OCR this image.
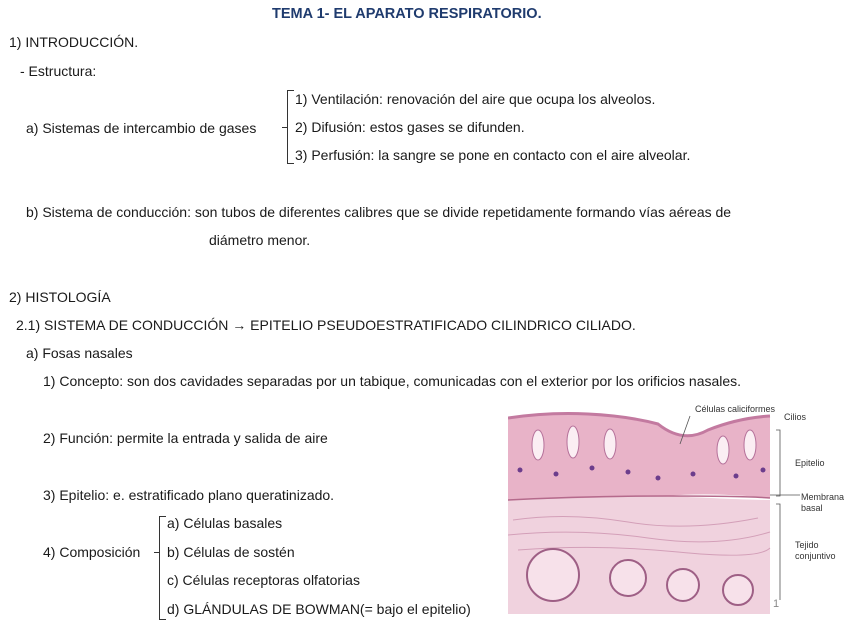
TEMA 1- EL APARATO RESPIRATORIO.
1) INTRODUCCIÓN.
- Estructura:
a) Sistemas de intercambio de gases
1) Ventilación: renovación del aire que ocupa los alveolos.
2) Difusión: estos gases se difunden.
3) Perfusión: la sangre se pone en contacto con el aire alveolar.
b) Sistema de conducción: son tubos de diferentes calibres que se divide repetidamente formando vías aéreas de
diámetro menor.
2) HISTOLOGÍA
2.1) SISTEMA DE CONDUCCIÓN → EPITELIO PSEUDOESTRATIFICADO CILINDRICO CILIADO.
a) Fosas nasales
1) Concepto: son dos cavidades separadas por un tabique, comunicadas con el exterior por los orificios nasales.
2) Función: permite la entrada y salida de aire
3) Epitelio: e. estratificado plano queratinizado.
4) Composición
a) Células basales
b) Células de sostén
c) Células receptoras olfatorias
d) GLÁNDULAS DE BOWMAN(= bajo el epitelio)
Células caliciformes
Cilios
Epitelio
Membrana
basal
Tejido
conjuntivo
1
